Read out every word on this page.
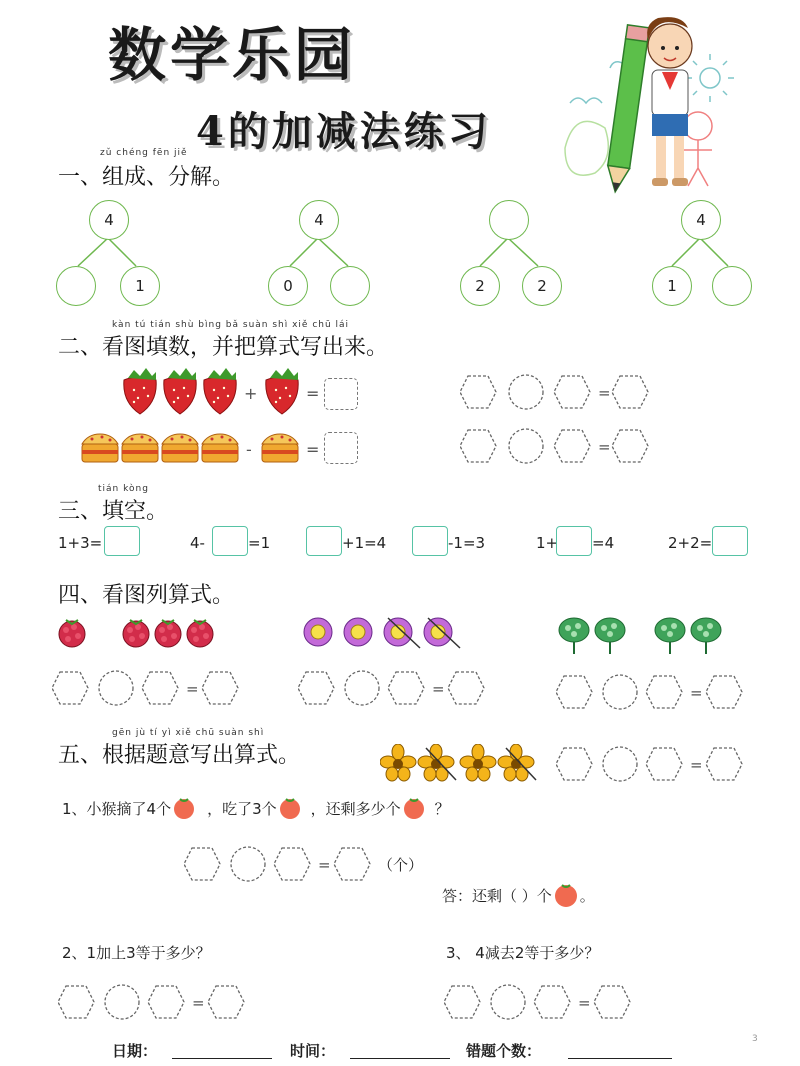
数学乐园
4的加减法练习
zǔ chéng fēn jiě
一、组成、分解。
4
1
4
0	2	2
4
1
kàn tú tián shù bìng bǎ suàn shì xiě chū lái
二、看图填数，并把算式写出来。
+	=
-	=
=
=
tián kòng
三、填空。
1+3=	4-	=1	+1=4	-1=3	1+ =4	2+2=
四、看图列算式。
=	=	=
gēn jù tí yì xiě chū suàn shì
五、根据题意写出算式。	=
1、小猴摘了4个 ，吃了3个 ，还剩多少个 ？
=	（个）
答：还剩（ ）个 。
2、1加上3等于多少？	3、 4减去2等于多少？
=	=
日期：	时间：	错题个数：
3
